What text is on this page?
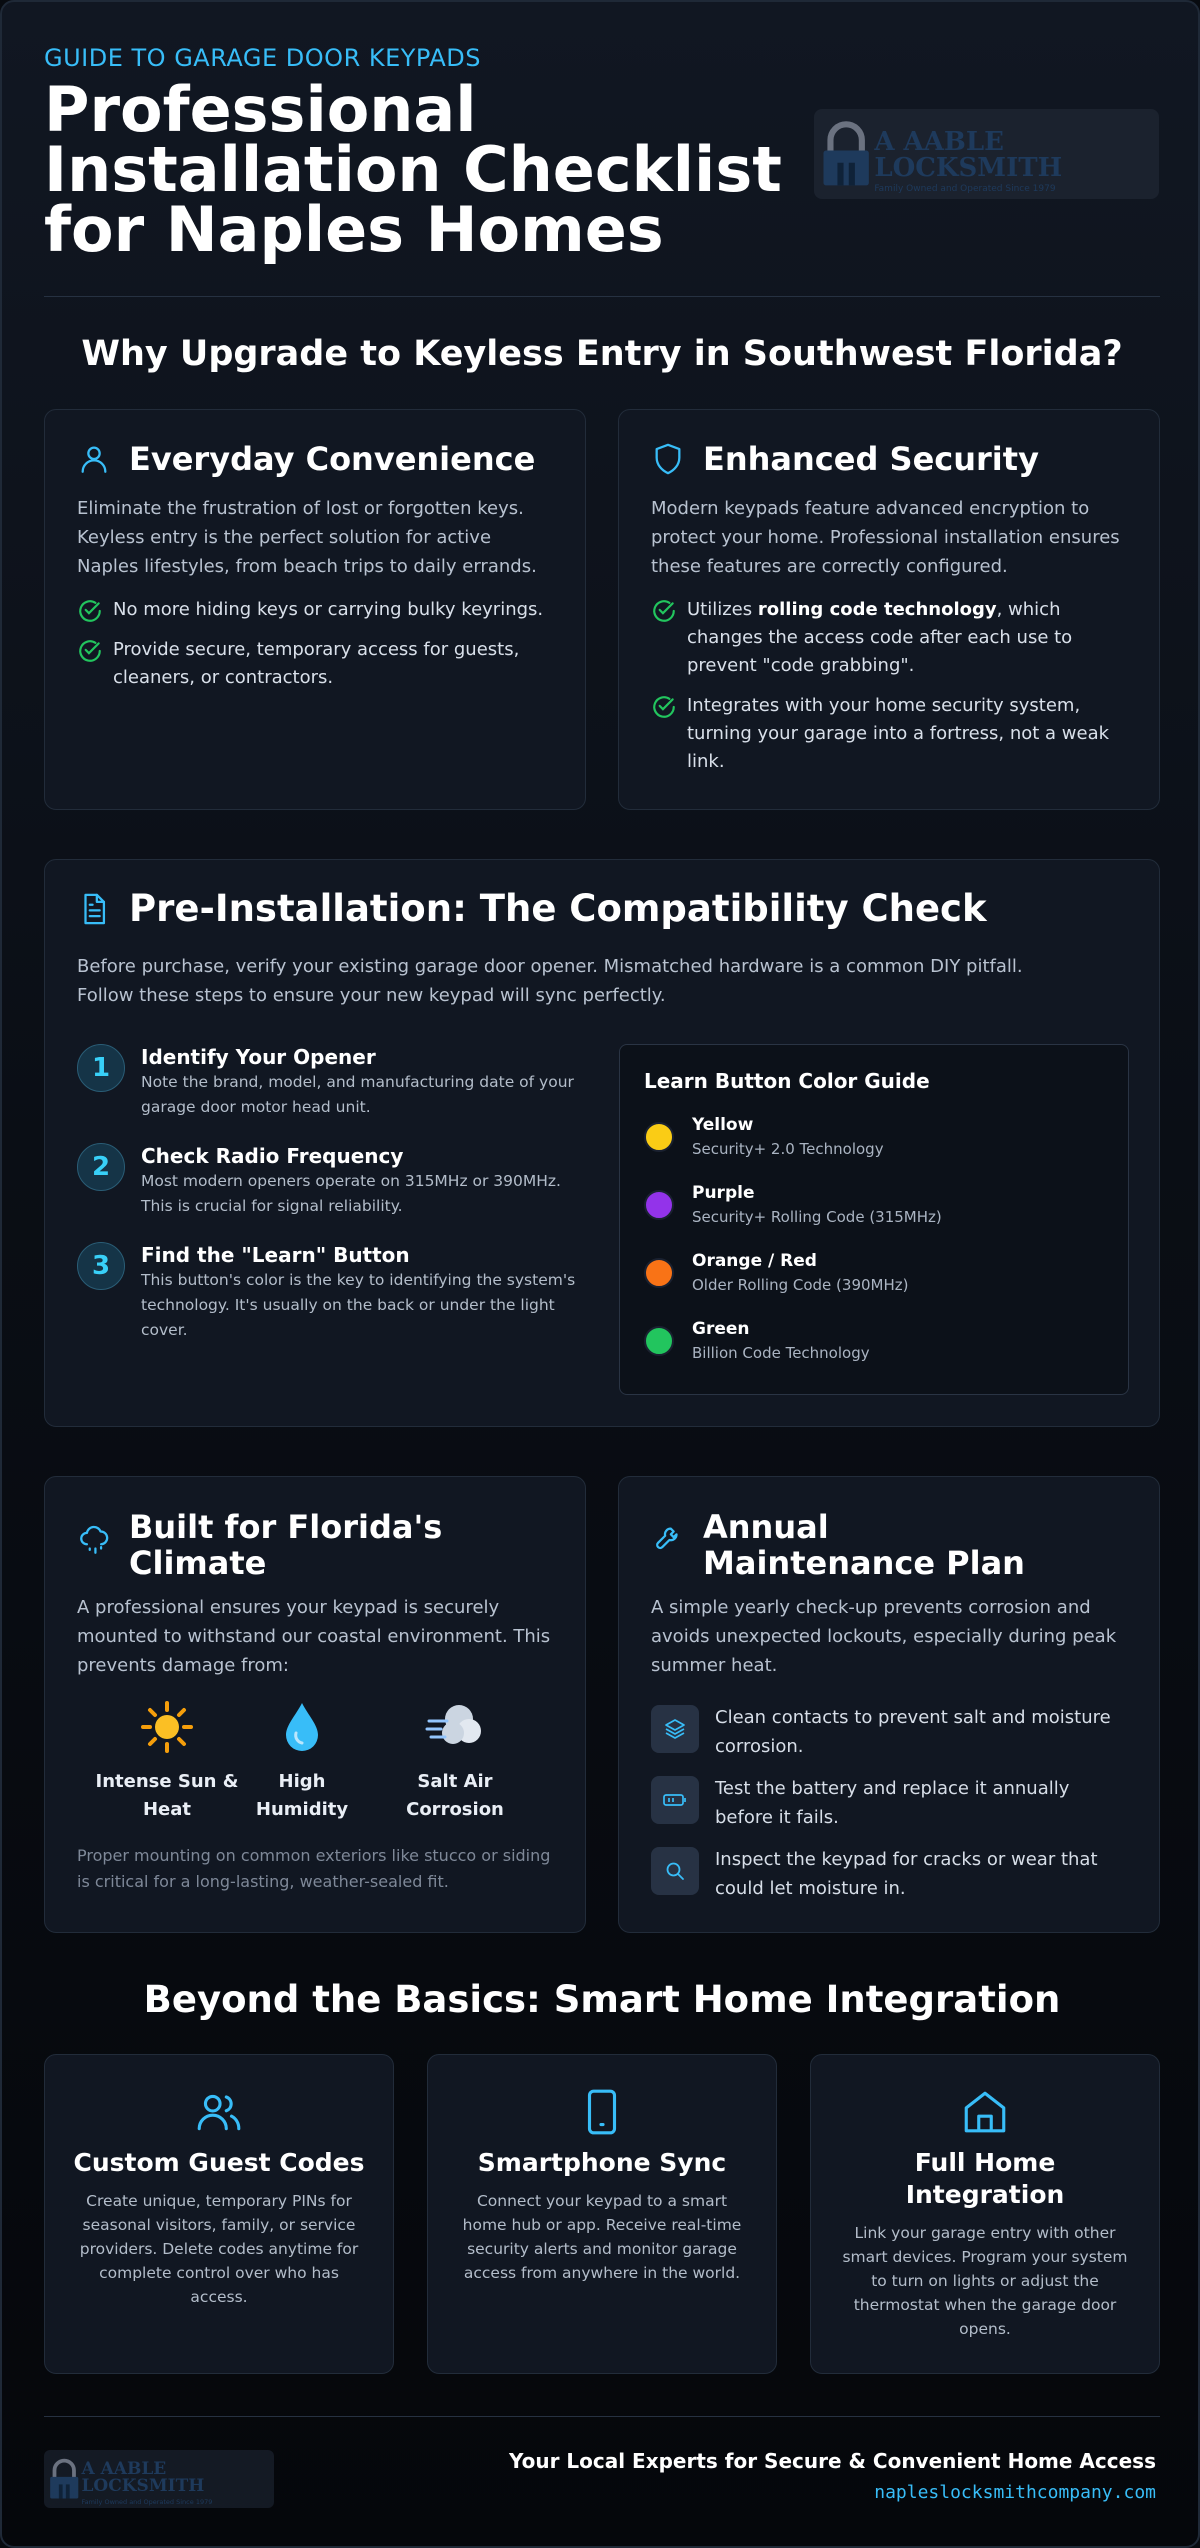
GUIDE TO GARAGE DOOR KEYPADS
Professional Installation Checklist for Naples Homes
A AABLE LOCKSMITH
Family Owned and Operated Since 1979
Why Upgrade to Keyless Entry in Southwest Florida?
Everyday Convenience
Eliminate the frustration of lost or forgotten keys. Keyless entry is the perfect solution for active Naples lifestyles, from beach trips to daily errands.
No more hiding keys or carrying bulky keyrings.
Provide secure, temporary access for guests, cleaners, or contractors.
Enhanced Security
Modern keypads feature advanced encryption to protect your home. Professional installation ensures these features are correctly configured.
Utilizes rolling code technology, which changes the access code after each use to prevent "code grabbing".
Integrates with your home security system, turning your garage into a fortress, not a weak link.
Pre-Installation: The Compatibility Check
Before purchase, verify your existing garage door opener. Mismatched hardware is a common DIY pitfall. Follow these steps to ensure your new keypad will sync perfectly.
1	Identify Your Opener
Note the brand, model, and manufacturing date of your garage door motor head unit.
2	Check Radio Frequency
Most modern openers operate on 315MHz or 390MHz. This is crucial for signal reliability.
3	Find the "Learn" Button
This button's color is the key to identifying the system's technology. It's usually on the back or under the light cover.
Learn Button Color Guide
Yellow
Security+ 2.0 Technology
Purple
Security+ Rolling Code (315MHz)
Orange / Red
Older Rolling Code (390MHz)
Green
Billion Code Technology
Built for Florida's Climate
A professional ensures your keypad is securely mounted to withstand our coastal environment. This prevents damage from:
Intense Sun & Heat
High Humidity
Salt Air Corrosion
Proper mounting on common exteriors like stucco or siding is critical for a long-lasting, weather-sealed fit.
Annual Maintenance Plan
A simple yearly check-up prevents corrosion and avoids unexpected lockouts, especially during peak summer heat.
Clean contacts to prevent salt and moisture corrosion.
Test the battery and replace it annually before it fails.
Inspect the keypad for cracks or wear that could let moisture in.
Beyond the Basics: Smart Home Integration
Custom Guest Codes
Create unique, temporary PINs for seasonal visitors, family, or service providers. Delete codes anytime for complete control over who has access.
Smartphone Sync
Connect your keypad to a smart home hub or app. Receive real-time security alerts and monitor garage access from anywhere in the world.
Full Home Integration
Link your garage entry with other smart devices. Program your system to turn on lights or adjust the thermostat when the garage door opens.
A AABLE LOCKSMITH
Family Owned and Operated Since 1979
Your Local Experts for Secure & Convenient Home Access
napleslocksmithcompany.com
